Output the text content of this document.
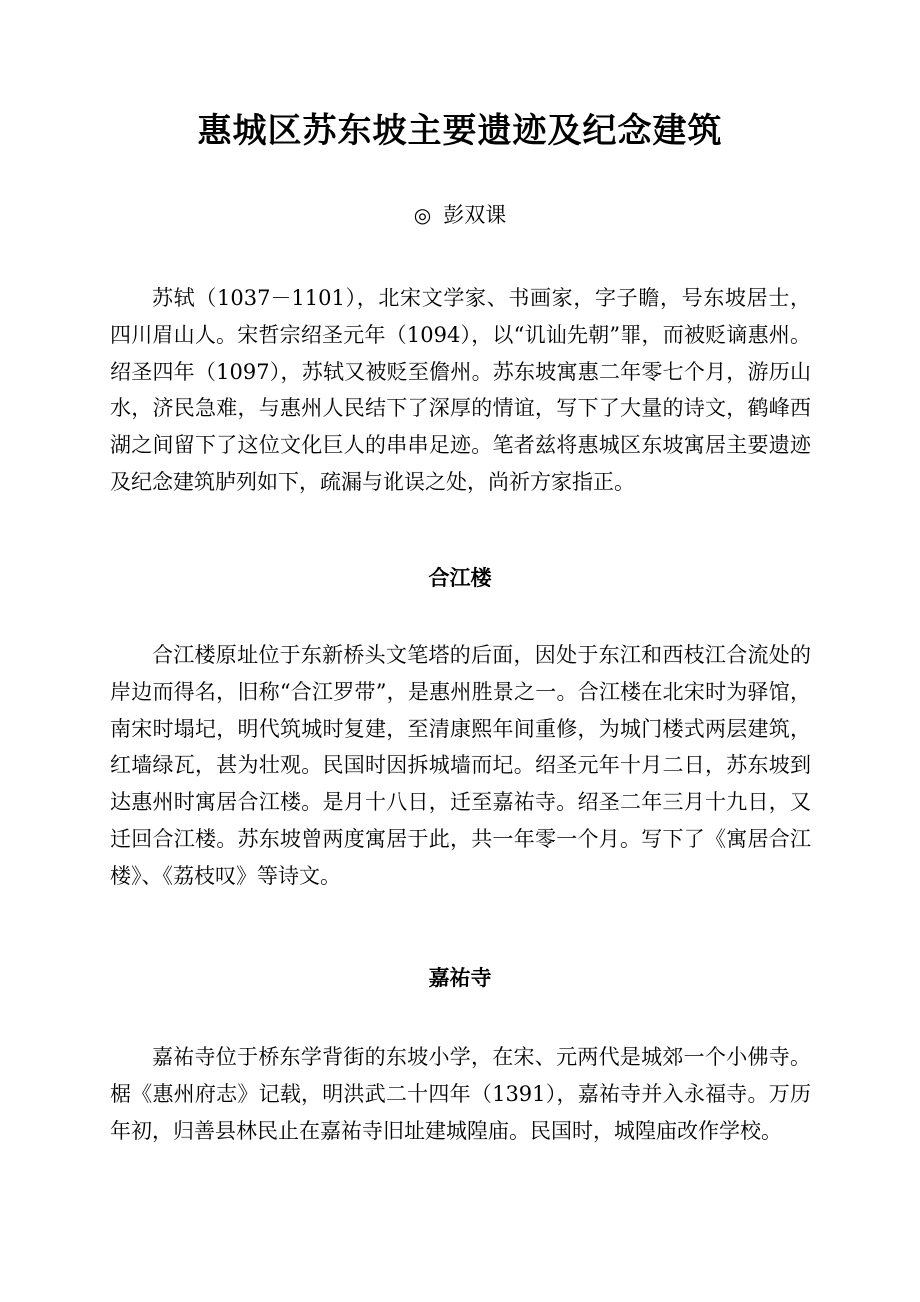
惠城区苏东坡主要遗迹及纪念建筑

◎ 彭双课

苏轼（1037－1101），北宋文学家、书画家，字子瞻，号东坡居士，四川眉山人。宋哲宗绍圣元年（1094），以“讥讪先朝”罪，而被贬谪惠州。绍圣四年（1097），苏轼又被贬至儋州。苏东坡寓惠二年零七个月，游历山水，济民急难，与惠州人民结下了深厚的情谊，写下了大量的诗文，鹤峰西湖之间留下了这位文化巨人的串串足迹。笔者兹将惠城区东坡寓居主要遗迹及纪念建筑胪列如下，疏漏与讹误之处，尚祈方家指正。

合江楼

合江楼原址位于东新桥头文笔塔的后面，因处于东江和西枝江合流处的岸边而得名，旧称“合江罗带”，是惠州胜景之一。合江楼在北宋时为驿馆，南宋时塌圮，明代筑城时复建，至清康熙年间重修，为城门楼式两层建筑，红墙绿瓦，甚为壮观。民国时因拆城墙而圮。绍圣元年十月二日，苏东坡到达惠州时寓居合江楼。是月十八日，迁至嘉祐寺。绍圣二年三月十九日，又迁回合江楼。苏东坡曾两度寓居于此，共一年零一个月。写下了《寓居合江楼》、《荔枝叹》等诗文。

嘉祐寺

嘉祐寺位于桥东学背街的东坡小学，在宋、元两代是城郊一个小佛寺。椐《惠州府志》记载，明洪武二十四年（1391），嘉祐寺并入永福寺。万历年初，归善县林民止在嘉祐寺旧址建城隍庙。民国时，城隍庙改作学校。
